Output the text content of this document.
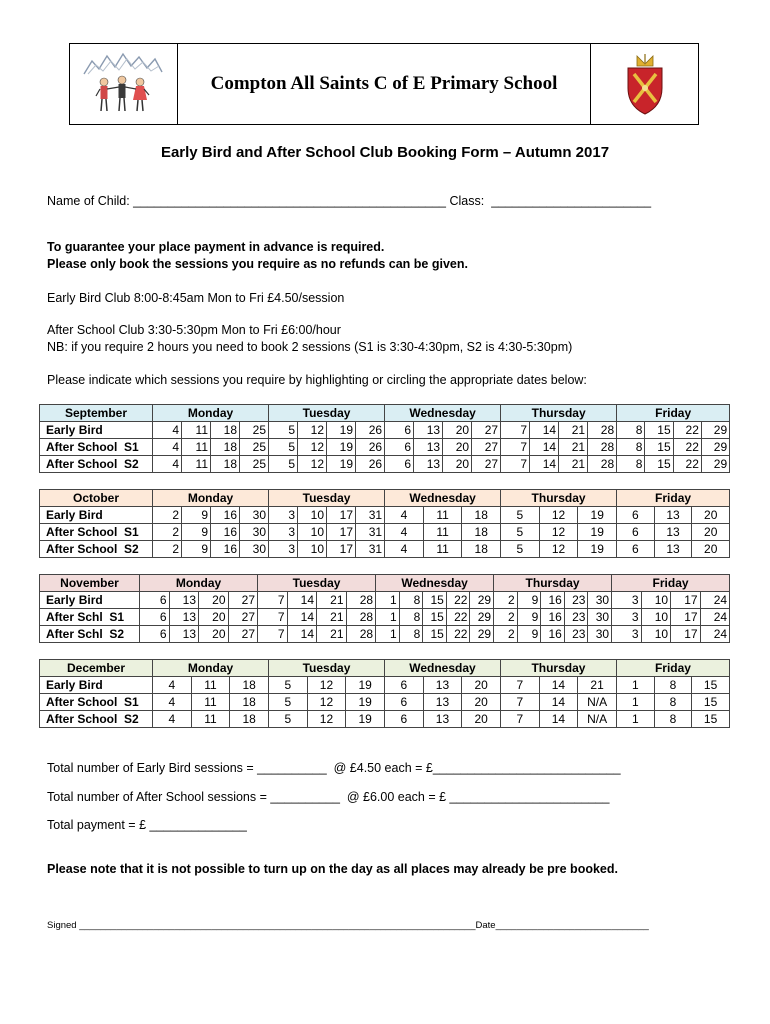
Compton All Saints C of E Primary School
Early Bird and After School Club Booking Form – Autumn 2017
Name of Child: _____________________________________________ Class: _______________________
To guarantee your place payment in advance is required.
Please only book the sessions you require as no refunds can be given.
Early Bird Club 8:00-8:45am Mon to Fri £4.50/session
After School Club 3:30-5:30pm Mon to Fri £6:00/hour
NB: if you require 2 hours you need to book 2 sessions (S1 is 3:30-4:30pm, S2 is 4:30-5:30pm)
Please indicate which sessions you require by highlighting or circling the appropriate dates below:
September	Monday				Tuesday				Wednesday				Thursday				Friday			
Early Bird	4	11	18	25	5	12	19	26	6	13	20	27	7	14	21	28	8	15	22	29
After School  S1	4	11	18	25	5	12	19	26	6	13	20	27	7	14	21	28	8	15	22	29
After School  S2	4	11	18	25	5	12	19	26	6	13	20	27	7	14	21	28	8	15	22	29
October	Monday				Tuesday				Wednesday			Thursday			Friday		
Early Bird	2	9	16	30	3	10	17	31	4	11	18	5	12	19	6	13	20
After School  S1	2	9	16	30	3	10	17	31	4	11	18	5	12	19	6	13	20
After School  S2	2	9	16	30	3	10	17	31	4	11	18	5	12	19	6	13	20
November	Monday				Tuesday				Wednesday					Thursday					Friday			
Early Bird	6	13	20	27	7	14	21	28	1	8	15	22	29	2	9	16	23	30	3	10	17	24
After Schl  S1	6	13	20	27	7	14	21	28	1	8	15	22	29	2	9	16	23	30	3	10	17	24
After Schl  S2	6	13	20	27	7	14	21	28	1	8	15	22	29	2	9	16	23	30	3	10	17	24
December	Monday			Tuesday			Wednesday			Thursday			Friday		
Early Bird	4	11	18	5	12	19	6	13	20	7	14	21	1	8	15
After School  S1	4	11	18	5	12	19	6	13	20	7	14	N/A	1	8	15
After School  S2	4	11	18	5	12	19	6	13	20	7	14	N/A	1	8	15
Total number of Early Bird sessions = __________  @ £4.50 each = £___________________________
Total number of After School sessions = __________  @ £6.00 each = £ _______________________
Total payment = £ ______________
Please note that it is not possible to turn up on the day as all places may already be pre booked.
Signed ___________________________________________________________________________Date_____________________________
